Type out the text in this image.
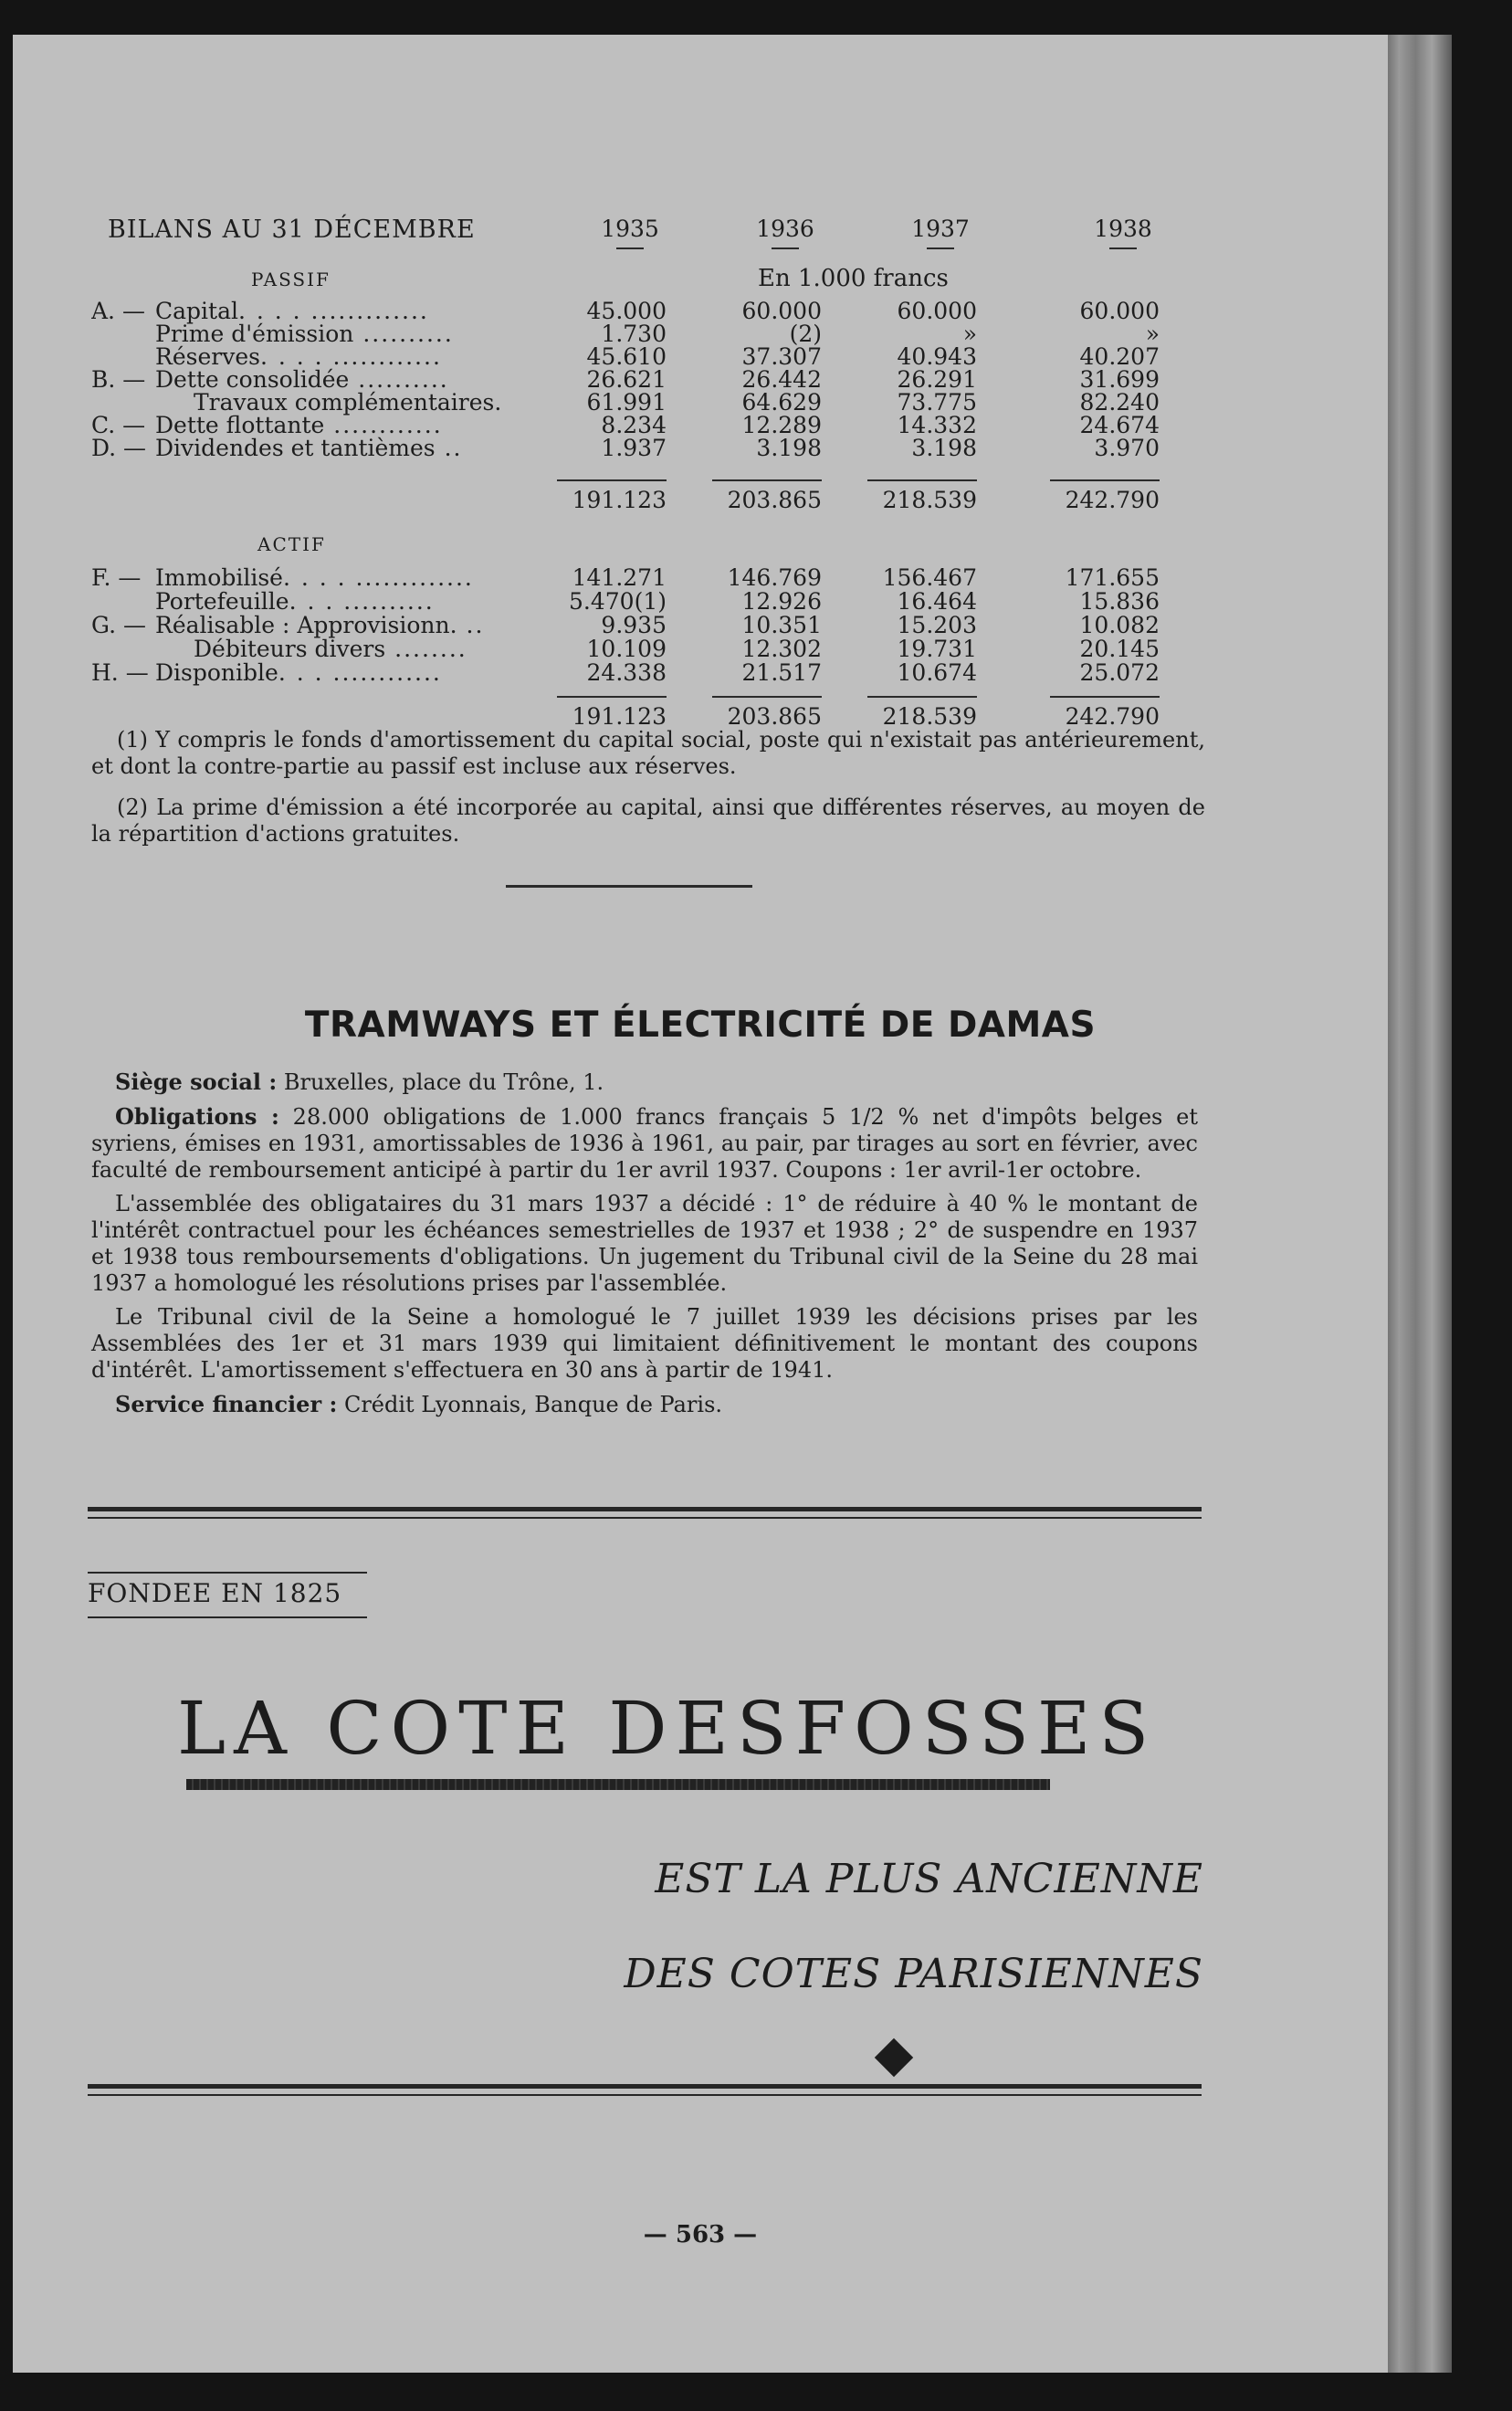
BILANS AU 31 DÉCEMBRE	1935	1936	1937	1938
PASSIF	En 1.000 francs
ACTIF
A. — Capital. . . . .............	45.000	60.000	60.000	60.000
Prime d'émission ..........	1.730	(2)	»	»
Réserves. . . . ............	45.610	37.307	40.943	40.207
B. — Dette consolidée ..........	26.621	26.442	26.291	31.699
Travaux complémentaires.	61.991	64.629	73.775	82.240
C. — Dette flottante ............	8.234	12.289	14.332	24.674
D. — Dividendes et tantièmes ..	1.937	3.198	3.198	3.970
191.123	203.865	218.539	242.790
F. — Immobilisé. . . . .............	141.271	146.769	156.467	171.655
Portefeuille. . . ..........	5.470(1)	12.926	16.464	15.836
G. — Réalisable : Approvisionn. ..	9.935	10.351	15.203	10.082
Débiteurs divers ........	10.109	12.302	19.731	20.145
H. — Disponible. . . ............	24.338	21.517	10.674	25.072
191.123	203.865	218.539	242.790

(1) Y compris le fonds d'amortissement du capital social, poste qui n'existait pas antérieurement, et dont la contre-partie au passif est incluse aux réserves.

(2) La prime d'émission a été incorporée au capital, ainsi que différentes réserves, au moyen de la répartition d'actions gratuites.

TRAMWAYS ET ÉLECTRICITÉ DE DAMAS

Siège social : Bruxelles, place du Trône, 1.

Obligations : 28.000 obligations de 1.000 francs français 5 1/2 % net d'impôts belges et syriens, émises en 1931, amortissables de 1936 à 1961, au pair, par tirages au sort en février, avec faculté de remboursement anticipé à partir du 1er avril 1937. Coupons : 1er avril-1er octobre.

L'assemblée des obligataires du 31 mars 1937 a décidé : 1° de réduire à 40 % le montant de l'intérêt contractuel pour les échéances semestrielles de 1937 et 1938 ; 2° de suspendre en 1937 et 1938 tous remboursements d'obligations. Un jugement du Tribunal civil de la Seine du 28 mai 1937 a homologué les résolutions prises par l'assemblée.

Le Tribunal civil de la Seine a homologué le 7 juillet 1939 les décisions prises par les Assemblées des 1er et 31 mars 1939 qui limitaient définitivement le montant des coupons d'intérêt. L'amortissement s'effectuera en 30 ans à partir de 1941.

Service financier : Crédit Lyonnais, Banque de Paris.

FONDEE EN 1825
LA COTE DESFOSSES
EST LA PLUS ANCIENNE
DES COTES PARISIENNES
— 563 —
